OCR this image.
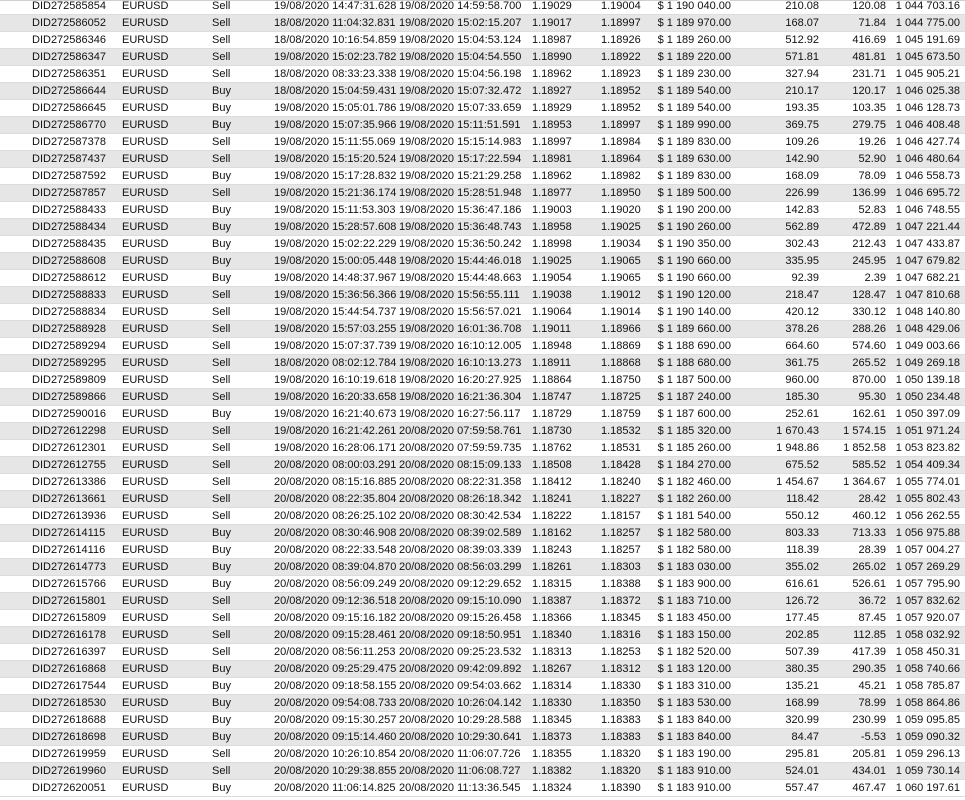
DID272585854 EURUSD	Sell	19/08/2020 14:47:31.628 19/08/2020 14:59:58.700 1.19029	1.19004 $ 1 190 040.00	210.08	120.08 1 044 703.16
DID272586052 EURUSD	Sell	18/08/2020 11:04:32.831 19/08/2020 15:02:15.207 1.19017	1.18997 $ 1 189 970.00	168.07	71.84 1 044 775.00
DID272586346 EURUSD	Sell	18/08/2020 10:16:54.859 19/08/2020 15:04:53.124 1.18987	1.18926 $ 1 189 260.00	512.92	416.69 1 045 191.69
DID272586347 EURUSD	Sell	19/08/2020 15:02:23.782 19/08/2020 15:04:54.550 1.18990	1.18922 $ 1 189 220.00	571.81	481.81 1 045 673.50
DID272586351 EURUSD	Sell	18/08/2020 08:33:23.338 19/08/2020 15:04:56.198 1.18962	1.18923 $ 1 189 230.00	327.94	231.71 1 045 905.21
DID272586644 EURUSD	Buy	18/08/2020 15:04:59.431 19/08/2020 15:07:32.472 1.18927	1.18952 $ 1 189 540.00	210.17	120.17 1 046 025.38
DID272586645 EURUSD	Buy	19/08/2020 15:05:01.786 19/08/2020 15:07:33.659 1.18929	1.18952 $ 1 189 540.00	193.35	103.35 1 046 128.73
DID272586770 EURUSD	Buy	19/08/2020 15:07:35.966 19/08/2020 15:11:51.591 1.18953	1.18997 $ 1 189 990.00	369.75	279.75 1 046 408.48
DID272587378 EURUSD	Sell	19/08/2020 15:11:55.069 19/08/2020 15:15:14.983 1.18997	1.18984 $ 1 189 830.00	109.26	19.26 1 046 427.74
DID272587437 EURUSD	Sell	19/08/2020 15:15:20.524 19/08/2020 15:17:22.594 1.18981	1.18964 $ 1 189 630.00	142.90	52.90 1 046 480.64
DID272587592 EURUSD	Buy	19/08/2020 15:17:28.832 19/08/2020 15:21:29.258 1.18962	1.18982 $ 1 189 830.00	168.09	78.09 1 046 558.73
DID272587857 EURUSD	Sell	19/08/2020 15:21:36.174 19/08/2020 15:28:51.948 1.18977	1.18950 $ 1 189 500.00	226.99	136.99 1 046 695.72
DID272588433 EURUSD	Buy	19/08/2020 15:11:53.303 19/08/2020 15:36:47.186 1.19003	1.19020 $ 1 190 200.00	142.83	52.83 1 046 748.55
DID272588434 EURUSD	Buy	19/08/2020 15:28:57.608 19/08/2020 15:36:48.743 1.18958	1.19025 $ 1 190 260.00	562.89	472.89 1 047 221.44
DID272588435 EURUSD	Buy	19/08/2020 15:02:22.229 19/08/2020 15:36:50.242 1.18998	1.19034 $ 1 190 350.00	302.43	212.43 1 047 433.87
DID272588608 EURUSD	Buy	19/08/2020 15:00:05.448 19/08/2020 15:44:46.018 1.19025	1.19065 $ 1 190 660.00	335.95	245.95 1 047 679.82
DID272588612 EURUSD	Buy	19/08/2020 14:48:37.967 19/08/2020 15:44:48.663 1.19054	1.19065 $ 1 190 660.00	92.39	2.39 1 047 682.21
DID272588833 EURUSD	Sell	19/08/2020 15:36:56.366 19/08/2020 15:56:55.111 1.19038	1.19012 $ 1 190 120.00	218.47	128.47 1 047 810.68
DID272588834 EURUSD	Sell	19/08/2020 15:44:54.737 19/08/2020 15:56:57.021 1.19064	1.19014 $ 1 190 140.00	420.12	330.12 1 048 140.80
DID272588928 EURUSD	Sell	19/08/2020 15:57:03.255 19/08/2020 16:01:36.708 1.19011	1.18966 $ 1 189 660.00	378.26	288.26 1 048 429.06
DID272589294 EURUSD	Sell	19/08/2020 15:07:37.739 19/08/2020 16:10:12.005 1.18948	1.18869 $ 1 188 690.00	664.60	574.60 1 049 003.66
DID272589295 EURUSD	Sell	18/08/2020 08:02:12.784 19/08/2020 16:10:13.273 1.18911	1.18868 $ 1 188 680.00	361.75	265.52 1 049 269.18
DID272589809 EURUSD	Sell	19/08/2020 16:10:19.618 19/08/2020 16:20:27.925 1.18864	1.18750 $ 1 187 500.00	960.00	870.00 1 050 139.18
DID272589866 EURUSD	Sell	19/08/2020 16:20:33.658 19/08/2020 16:21:36.304 1.18747	1.18725 $ 1 187 240.00	185.30	95.30 1 050 234.48
DID272590016 EURUSD	Buy	19/08/2020 16:21:40.673 19/08/2020 16:27:56.117 1.18729	1.18759 $ 1 187 600.00	252.61	162.61 1 050 397.09
DID272612298 EURUSD	Sell	19/08/2020 16:21:42.261 20/08/2020 07:59:58.761 1.18730	1.18532 $ 1 185 320.00	1 670.43 1 574.15 1 051 971.24
DID272612301 EURUSD	Sell	19/08/2020 16:28:06.171 20/08/2020 07:59:59.735 1.18762	1.18531 $ 1 185 260.00	1 948.86 1 852.58 1 053 823.82
DID272612755 EURUSD	Sell	20/08/2020 08:00:03.291 20/08/2020 08:15:09.133 1.18508	1.18428 $ 1 184 270.00	675.52	585.52 1 054 409.34
DID272613386 EURUSD	Sell	20/08/2020 08:15:16.885 20/08/2020 08:22:31.358 1.18412	1.18240 $ 1 182 460.00	1 454.67 1 364.67 1 055 774.01
DID272613661 EURUSD	Sell	20/08/2020 08:22:35.804 20/08/2020 08:26:18.342 1.18241	1.18227 $ 1 182 260.00	118.42	28.42 1 055 802.43
DID272613936 EURUSD	Sell	20/08/2020 08:26:25.102 20/08/2020 08:30:42.534 1.18222	1.18157 $ 1 181 540.00	550.12	460.12 1 056 262.55
DID272614115 EURUSD	Buy	20/08/2020 08:30:46.908 20/08/2020 08:39:02.589 1.18162	1.18257 $ 1 182 580.00	803.33	713.33 1 056 975.88
DID272614116 EURUSD	Buy	20/08/2020 08:22:33.548 20/08/2020 08:39:03.339 1.18243	1.18257 $ 1 182 580.00	118.39	28.39 1 057 004.27
DID272614773 EURUSD	Buy	20/08/2020 08:39:04.870 20/08/2020 08:56:03.299 1.18261	1.18303 $ 1 183 030.00	355.02	265.02 1 057 269.29
DID272615766 EURUSD	Buy	20/08/2020 08:56:09.249 20/08/2020 09:12:29.652 1.18315	1.18388 $ 1 183 900.00	616.61	526.61 1 057 795.90
DID272615801 EURUSD	Sell	20/08/2020 09:12:36.518 20/08/2020 09:15:10.090 1.18387	1.18372 $ 1 183 710.00	126.72	36.72 1 057 832.62
DID272615809 EURUSD	Sell	20/08/2020 09:15:16.182 20/08/2020 09:15:26.458 1.18366	1.18345 $ 1 183 450.00	177.45	87.45 1 057 920.07
DID272616178 EURUSD	Sell	20/08/2020 09:15:28.461 20/08/2020 09:18:50.951 1.18340	1.18316 $ 1 183 150.00	202.85	112.85 1 058 032.92
DID272616397 EURUSD	Sell	20/08/2020 08:56:11.253 20/08/2020 09:25:23.532 1.18313	1.18253 $ 1 182 520.00	507.39	417.39 1 058 450.31
DID272616868 EURUSD	Buy	20/08/2020 09:25:29.475 20/08/2020 09:42:09.892 1.18267	1.18312 $ 1 183 120.00	380.35	290.35 1 058 740.66
DID272617544 EURUSD	Buy	20/08/2020 09:18:58.155 20/08/2020 09:54:03.662 1.18314	1.18330 $ 1 183 310.00	135.21	45.21 1 058 785.87
DID272618530 EURUSD	Buy	20/08/2020 09:54:08.733 20/08/2020 10:26:04.142 1.18330	1.18350 $ 1 183 530.00	168.99	78.99 1 058 864.86
DID272618688 EURUSD	Buy	20/08/2020 09:15:30.257 20/08/2020 10:29:28.588 1.18345	1.18383 $ 1 183 840.00	320.99	230.99 1 059 095.85
DID272618698 EURUSD	Buy	20/08/2020 09:15:14.460 20/08/2020 10:29:30.641 1.18373	1.18383 $ 1 183 840.00	84.47	-5.53 1 059 090.32
DID272619959 EURUSD	Sell	20/08/2020 10:26:10.854 20/08/2020 11:06:07.726 1.18355	1.18320 $ 1 183 190.00	295.81	205.81 1 059 296.13
DID272619960 EURUSD	Sell	20/08/2020 10:29:38.855 20/08/2020 11:06:08.727 1.18382	1.18320 $ 1 183 910.00	524.01	434.01 1 059 730.14
DID272620051 EURUSD	Buy	20/08/2020 11:06:14.825 20/08/2020 11:13:36.545 1.18324	1.18390 $ 1 183 910.00	557.47	467.47 1 060 197.61
